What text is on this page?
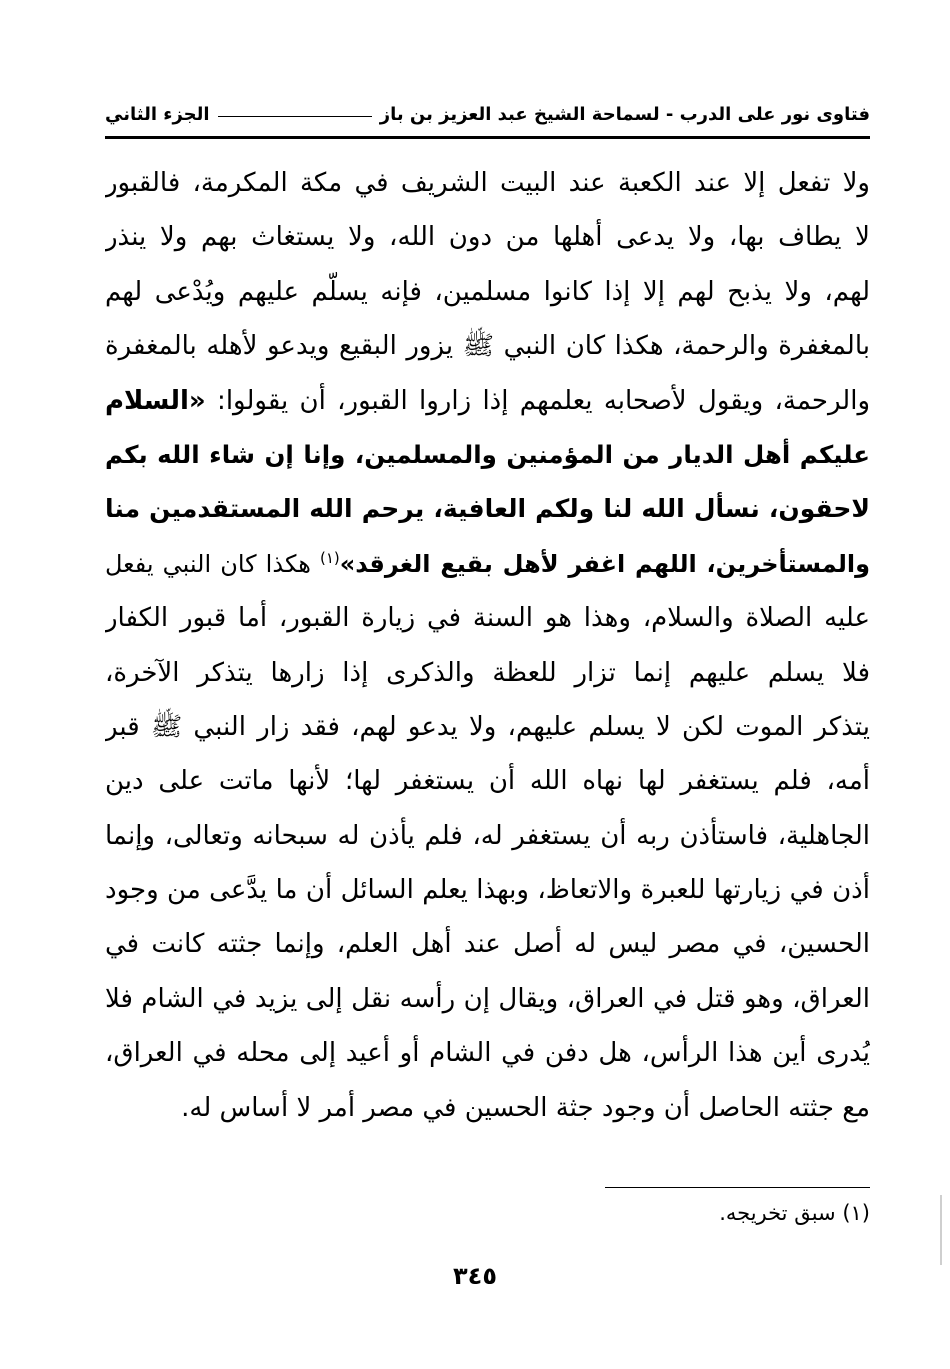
فتاوى نور على الدرب - لسماحة الشيخ عبد العزيز بن باز
الجزء الثاني
ولا تفعل إلا عند الكعبة عند البيت الشريف في مكة المكرمة، فالقبور
لا يطاف بها، ولا يدعى أهلها من دون الله، ولا يستغاث بهم ولا ينذر
لهم، ولا يذبح لهم إلا إذا كانوا مسلمين، فإنه يسلّم عليهم ويُدْعى لهم
بالمغفرة والرحمة، هكذا كان النبي ﷺ يزور البقيع ويدعو لأهله بالمغفرة
والرحمة، ويقول لأصحابه يعلمهم إذا زاروا القبور، أن يقولوا: «السلام
عليكم أهل الديار من المؤمنين والمسلمين، وإنا إن شاء الله بكم
لاحقون، نسأل الله لنا ولكم العافية، يرحم الله المستقدمين منا
والمستأخرين، اللهم اغفر لأهل بقيع الغرقد»$^{(١)}$ هكذا كان النبي يفعل
عليه الصلاة والسلام، وهذا هو السنة في زيارة القبور، أما قبور الكفار
فلا يسلم عليهم إنما تزار للعظة والذكرى إذا زارها يتذكر الآخرة،
يتذكر الموت لكن لا يسلم عليهم، ولا يدعو لهم، فقد زار النبي ﷺ قبر
أمه، فلم يستغفر لها نهاه الله أن يستغفر لها؛ لأنها ماتت على دين
الجاهلية، فاستأذن ربه أن يستغفر له، فلم يأذن له سبحانه وتعالى، وإنما
أذن في زيارتها للعبرة والاتعاظ، وبهذا يعلم السائل أن ما يدَّعى من وجود
الحسين، في مصر ليس له أصل عند أهل العلم، وإنما جثته كانت في
العراق، وهو قتل في العراق، ويقال إن رأسه نقل إلى يزيد في الشام فلا
يُدرى أين هذا الرأس، هل دفن في الشام أو أعيد إلى محله في العراق،
مع جثته الحاصل أن وجود جثة الحسين في مصر أمر لا أساس له.
(١) سبق تخريجه.
٣٤٥
